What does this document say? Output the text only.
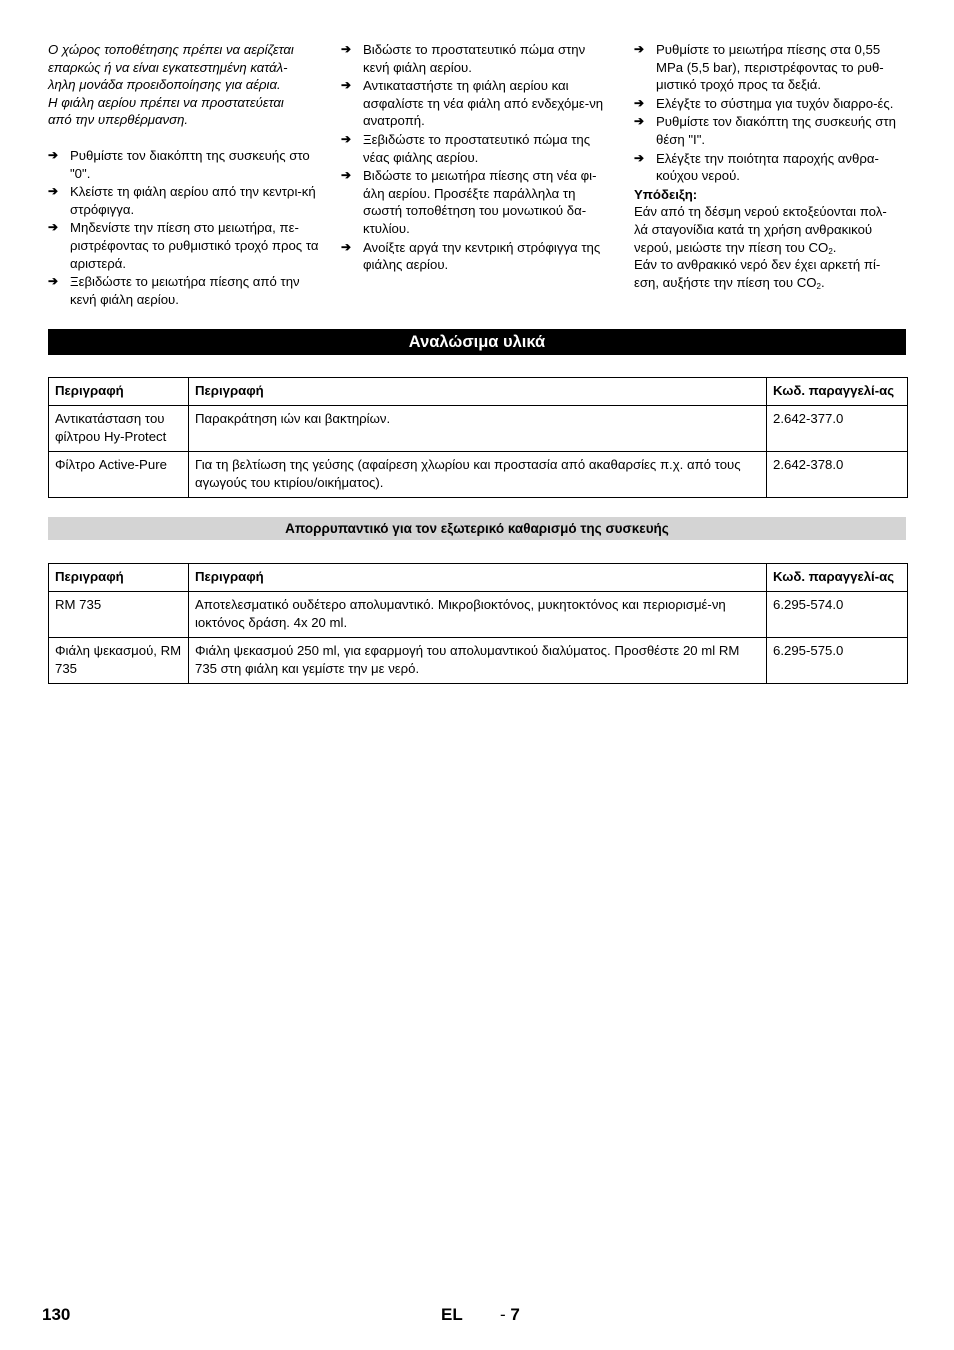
Ο χώρος τοποθέτησης πρέπει να αερίζεται
επαρκώς ή να είναι εγκατεστημένη κατάλ-
ληλη μονάδα προειδοποίησης για αέρια.
Η φιάλη αερίου πρέπει να προστατεύεται
από την υπερθέρμανση.
➔ Ρυθμίστε τον διακόπτη της συσκευής στο "0".
➔ Κλείστε τη φιάλη αερίου από την κεντρι-κή στρόφιγγα.
➔ Μηδενίστε την πίεση στο μειωτήρα, πε-ριστρέφοντας το ρυθμιστικό τροχό προς τα αριστερά.
➔ Ξεβιδώστε το μειωτήρα πίεσης από την κενή φιάλη αερίου.
➔ Βιδώστε το προστατευτικό πώμα στην κενή φιάλη αερίου.
➔ Αντικαταστήστε τη φιάλη αερίου και ασφαλίστε τη νέα φιάλη από ενδεχόμε-νη ανατροπή.
➔ Ξεβιδώστε το προστατευτικό πώμα της νέας φιάλης αερίου.
➔ Βιδώστε το μειωτήρα πίεσης στη νέα φι-άλη αερίου. Προσέξτε παράλληλα τη σωστή τοποθέτηση του μονωτικού δα-κτυλίου.
➔ Ανοίξτε αργά την κεντρική στρόφιγγα της φιάλης αερίου.
➔ Ρυθμίστε το μειωτήρα πίεσης στα 0,55 MPa (5,5 bar), περιστρέφοντας το ρυθ-μιστικό τροχό προς τα δεξιά.
➔ Ελέγξτε το σύστημα για τυχόν διαρρο-ές.
➔ Ρυθμίστε τον διακόπτη της συσκευής στη θέση "I".
➔ Ελέγξτε την ποιότητα παροχής ανθρα-κούχου νερού.
Υπόδειξη:
Εάν από τη δέσμη νερού εκτοξεύονται πολ-
λά σταγονίδια κατά τη χρήση ανθρακικού
νερού, μειώστε την πίεση του $CO_2$.
Εάν το ανθρακικό νερό δεν έχει αρκετή πί-
εση, αυξήστε την πίεση του $CO_2$.
Αναλώσιμα υλικά
Περιγραφή	Περιγραφή	Κωδ. παραγγελί-ας
Αντικατάσταση του φίλτρου Hy-Protect	Παρακράτηση ιών και βακτηρίων.	2.642-377.0
Φίλτρο Active-Pure	Για τη βελτίωση της γεύσης (αφαίρεση χλωρίου και προστασία από ακαθαρσίες π.χ. από τους αγωγούς του κτιρίου/οικήματος).	2.642-378.0
Απορρυπαντικό για τον εξωτερικό καθαρισμό της συσκευής
Περιγραφή	Περιγραφή	Κωδ. παραγγελί-ας
RM 735	Αποτελεσματικό ουδέτερο απολυμαντικό. Μικροβιοκτόνος, μυκητοκτόνος και περιορισμέ-νη ιοκτόνος δράση. 4x 20 ml.	6.295-574.0
Φιάλη ψεκασμού, RM 735	Φιάλη ψεκασμού 250 ml, για εφαρμογή του απολυμαντικού διαλύματος. Προσθέστε 20 ml RM 735 στη φιάλη και γεμίστε την με νερό.	6.295-575.0
130	EL - 7
